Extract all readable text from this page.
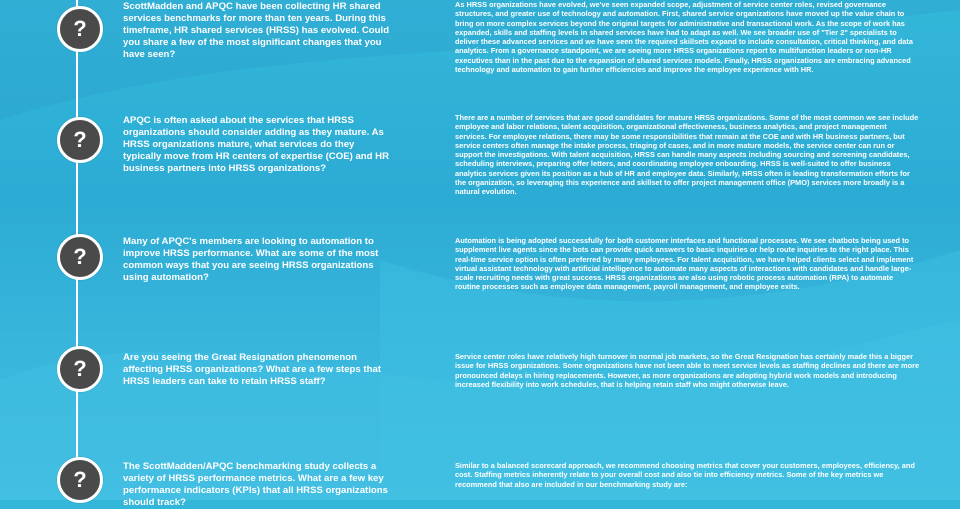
?

ScottMadden and APQC have been collecting HR shared services benchmarks for more than ten years. During this timeframe, HR shared services (HRSS) has evolved. Could you share a few of the most significant changes that you have seen?

As HRSS organizations have evolved, we've seen expanded scope, adjustment of service center roles, revised governance structures, and greater use of technology and automation. First, shared service organizations have moved up the value chain to bring on more complex services beyond the original targets for administrative and transactional work. As the scope of work has expanded, skills and staffing levels in shared services have had to adapt as well. We see broader use of "Tier 2" specialists to deliver these advanced services and we have seen the required skillsets expand to include consultation, critical thinking, and data analytics. From a governance standpoint, we are seeing more HRSS organizations report to multifunction leaders or non-HR executives than in the past due to the expansion of shared services models. Finally, HRSS organizations are embracing advanced technology and automation to gain further efficiencies and improve the employee experience with HR.

?

APQC is often asked about the services that HRSS organizations should consider adding as they mature. As HRSS organizations mature, what services do they typically move from HR centers of expertise (COE) and HR business partners into HRSS organizations?

There are a number of services that are good candidates for mature HRSS organizations. Some of the most common we see include employee and labor relations, talent acquisition, organizational effectiveness, business analytics, and project management services. For employee relations, there may be some responsibilities that remain at the COE and with HR business partners, but service centers often manage the intake process, triaging of cases, and in more mature models, the service center can run or support the investigations. With talent acquisition, HRSS can handle many aspects including sourcing and screening candidates, scheduling interviews, preparing offer letters, and coordinating employee onboarding. HRSS is well-suited to offer business analytics services given its position as a hub of HR and employee data. Similarly, HRSS often is leading transformation efforts for the organization, so leveraging this experience and skillset to offer project management office (PMO) services more broadly is a natural evolution.

?

Many of APQC's members are looking to automation to improve HRSS performance. What are some of the most common ways that you are seeing HRSS organizations using automation?

Automation is being adopted successfully for both customer interfaces and functional processes. We see chatbots being used to supplement live agents since the bots can provide quick answers to basic inquiries or help route inquiries to the right place. This real-time service option is often preferred by many employees. For talent acquisition, we have helped clients select and implement virtual assistant technology with artificial intelligence to automate many aspects of interactions with candidates and handle large-scale recruiting needs with great success. HRSS organizations are also using robotic process automation (RPA) to automate routine processes such as employee data management, payroll management, and employee exits.

?	Are you seeing the Great Resignation phenomenon affecting HRSS organizations? What are a few steps that HRSS leaders can take to retain HRSS staff?

Service center roles have relatively high turnover in normal job markets, so the Great Resignation has certainly made this a bigger issue for HRSS organizations. Some organizations have not been able to meet service levels as staffing declines and there are more pronounced delays in hiring replacements. However, as more organizations are adopting hybrid work models and introducing increased flexibility into work schedules, that is helping retain staff who might otherwise leave.

?

The ScottMadden/APQC benchmarking study collects a variety of HRSS performance metrics. What are a few key performance indicators (KPIs) that all HRSS organizations should track?

Similar to a balanced scorecard approach, we recommend choosing metrics that cover your customers, employees, efficiency, and cost. Staffing metrics inherently relate to your overall cost and also tie into efficiency metrics. Some of the key metrics we recommend that also are included in our benchmarking study are:
